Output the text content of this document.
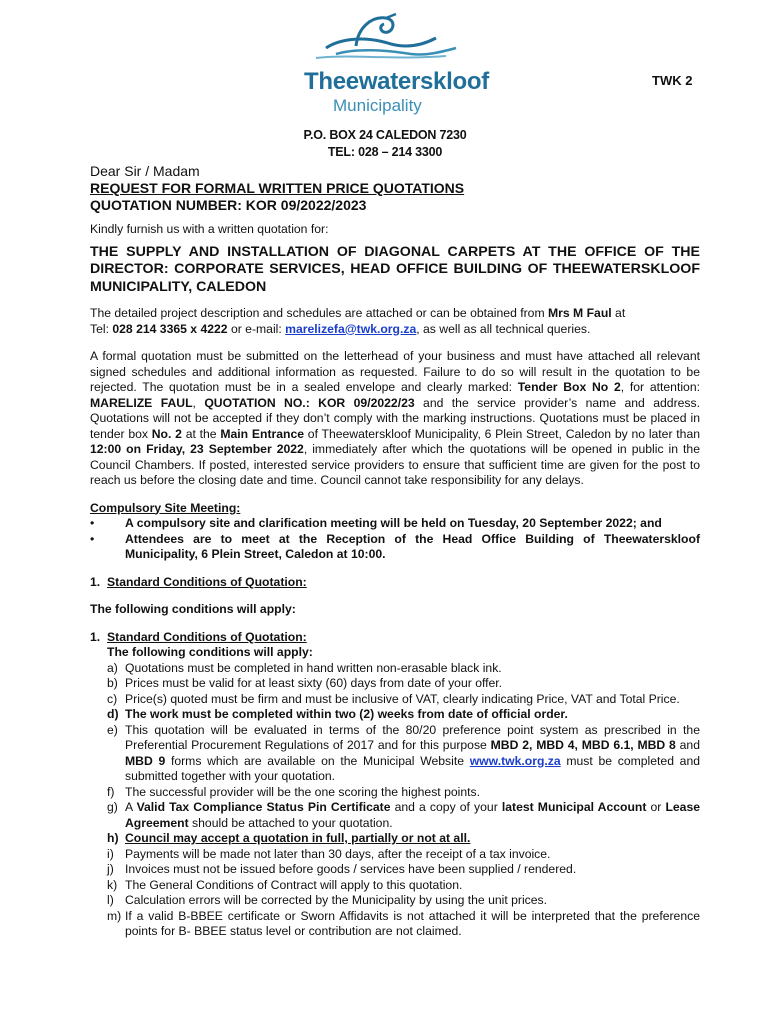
Theewaterskloof
Municipality
TWK 2
P.O. BOX 24 CALEDON 7230
TEL: 028 – 214 3300

Dear Sir / Madam

REQUEST FOR FORMAL WRITTEN PRICE QUOTATIONS

QUOTATION NUMBER: KOR 09/2022/2023

Kindly furnish us with a written quotation for:

THE SUPPLY AND INSTALLATION OF DIAGONAL CARPETS AT THE OFFICE OF THE DIRECTOR: CORPORATE SERVICES, HEAD OFFICE BUILDING OF THEEWATERSKLOOF MUNICIPALITY, CALEDON

The detailed project description and schedules are attached or can be obtained from Mrs M Faul at
Tel: 028 214 3365 x 4222 or e-mail: marelizefa@twk.org.za, as well as all technical queries.

A formal quotation must be submitted on the letterhead of your business and must have attached all relevant signed schedules and additional information as requested. Failure to do so will result in the quotation to be rejected. The quotation must be in a sealed envelope and clearly marked: Tender Box No 2, for attention: MARELIZE FAUL, QUOTATION NO.: KOR 09/2022/23 and the service provider’s name and address. Quotations will not be accepted if they don’t comply with the marking instructions. Quotations must be placed in tender box No. 2 at the Main Entrance of Theewaterskloof Municipality, 6 Plein Street, Caledon by no later than 12:00 on Friday, 23 September 2022, immediately after which the quotations will be opened in public in the Council Chambers. If posted, interested service providers to ensure that sufficient time are given for the post to reach us before the closing date and time. Council cannot take responsibility for any delays.

Compulsory Site Meeting:

•	A compulsory site and clarification meeting will be held on Tuesday, 20 September 2022; and
•	Attendees are to meet at the Reception of the Head Office Building of Theewaterskloof Municipality, 6 Plein Street, Caledon at 10:00.
1. Standard Conditions of Quotation:

The following conditions will apply:

1. Standard Conditions of Quotation:

The following conditions will apply:

a) Quotations must be completed in hand written non-erasable black ink.
b) Prices must be valid for at least sixty (60) days from date of your offer.
c) Price(s) quoted must be firm and must be inclusive of VAT, clearly indicating Price, VAT and Total Price.
d) The work must be completed within two (2) weeks from date of official order.
e) This quotation will be evaluated in terms of the 80/20 preference point system as prescribed in the Preferential Procurement Regulations of 2017 and for this purpose MBD 2, MBD 4, MBD 6.1, MBD 8 and MBD 9 forms which are available on the Municipal Website www.twk.org.za must be completed and submitted together with your quotation.
f) The successful provider will be the one scoring the highest points.
g) A Valid Tax Compliance Status Pin Certificate and a copy of your latest Municipal Account or Lease Agreement should be attached to your quotation.
h) Council may accept a quotation in full, partially or not at all.
i) Payments will be made not later than 30 days, after the receipt of a tax invoice.
j) Invoices must not be issued before goods / services have been supplied / rendered.
k) The General Conditions of Contract will apply to this quotation.
l) Calculation errors will be corrected by the Municipality by using the unit prices.
m) If a valid B-BBEE certificate or Sworn Affidavits is not attached it will be interpreted that the preference points for B- BBEE status level or contribution are not claimed.
